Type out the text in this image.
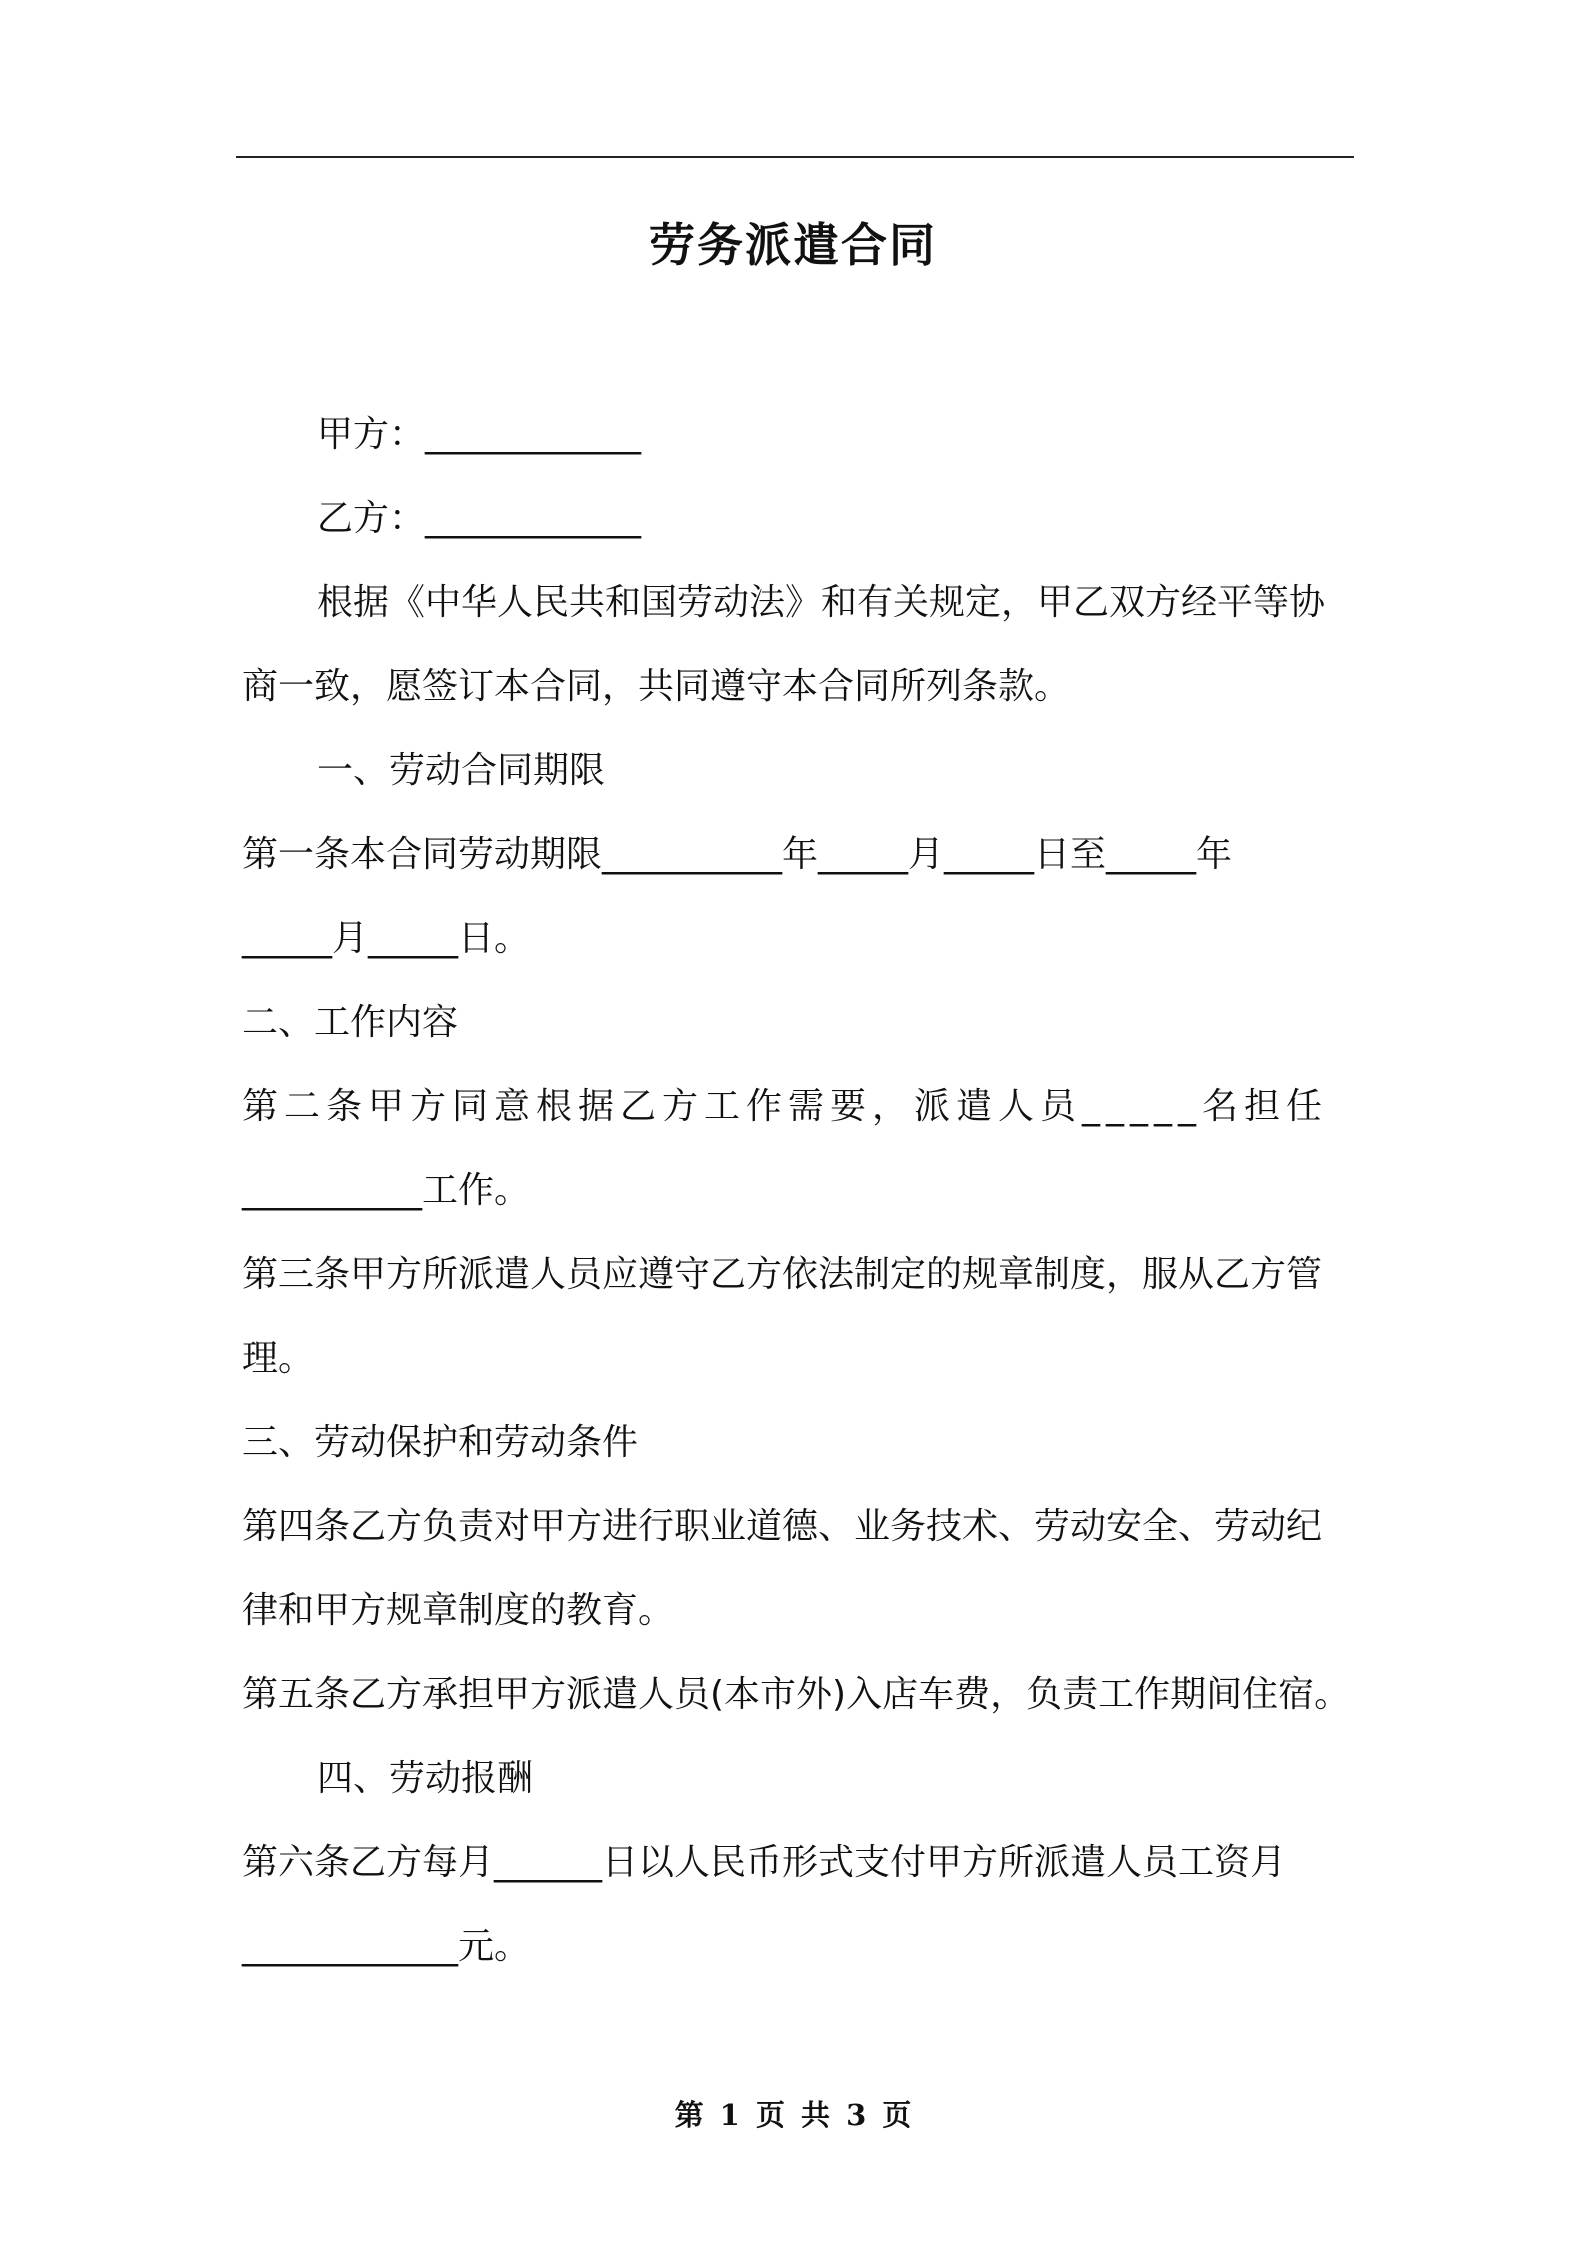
劳务派遣合同

甲方：____________

乙方：____________

根据《中华人民共和国劳动法》和有关规定，甲乙双方经平等协

商一致，愿签订本合同，共同遵守本合同所列条款。

一、劳动合同期限

第一条本合同劳动期限__________年_____月_____日至_____年

_____月_____日。

二、工作内容

第二条甲方同意根据乙方工作需要，派遣人员_____名担任

__________工作。

第三条甲方所派遣人员应遵守乙方依法制定的规章制度，服从乙方管

理。

三、劳动保护和劳动条件

第四条乙方负责对甲方进行职业道德、业务技术、劳动安全、劳动纪

律和甲方规章制度的教育。

第五条乙方承担甲方派遣人员(本市外)入店车费，负责工作期间住宿。

四、劳动报酬

第六条乙方每月______日以人民币形式支付甲方所派遣人员工资月

____________元。

第 1 页 共 3 页
